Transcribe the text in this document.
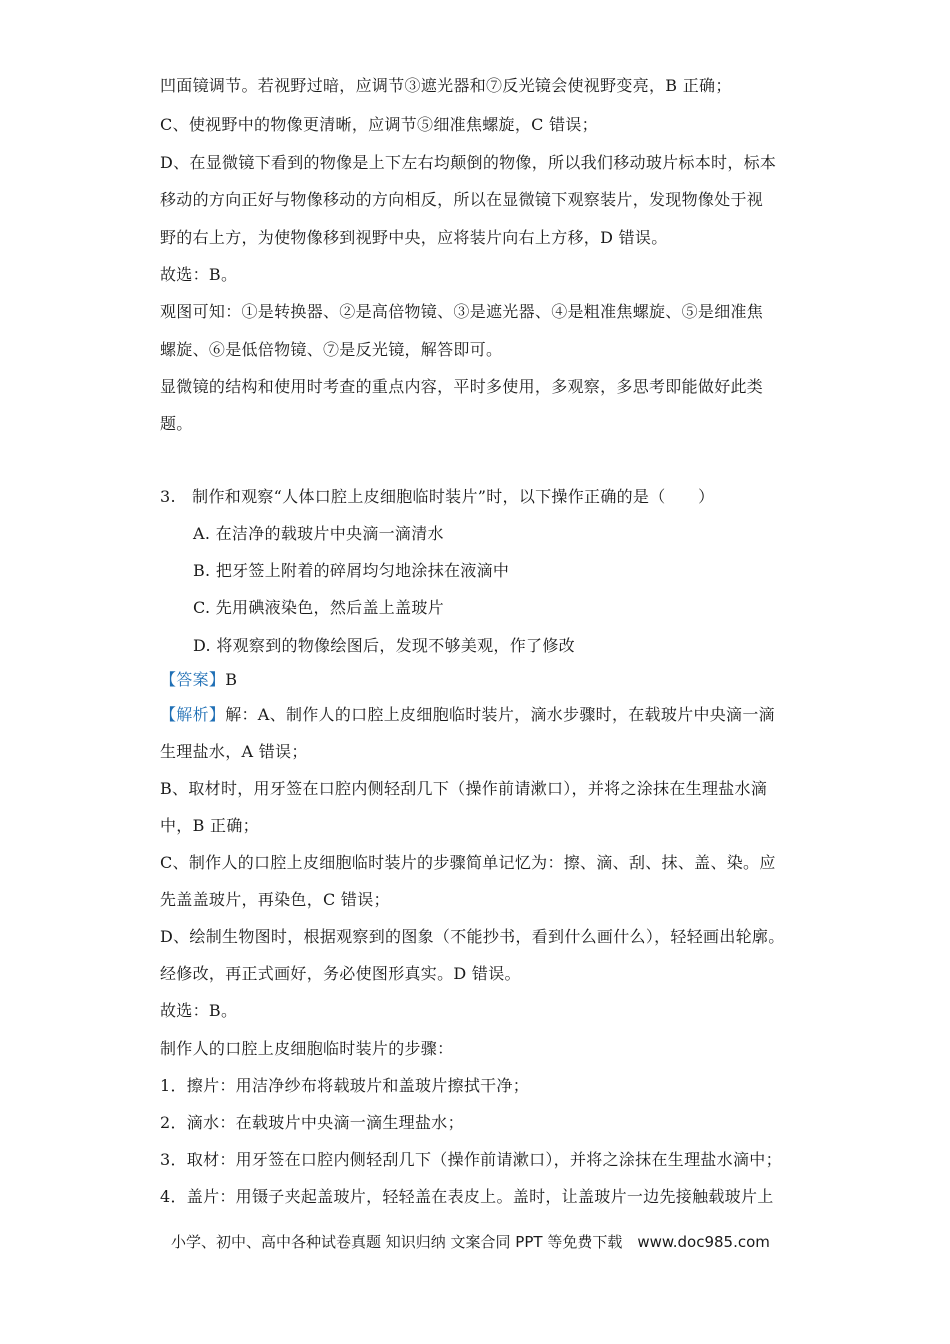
凹面镜调节。若视野过暗，应调节③遮光器和⑦反光镜会使视野变亮，B 正确；
C、使视野中的物像更清晰，应调节⑤细准焦螺旋，C 错误；
D、在显微镜下看到的物像是上下左右均颠倒的物像，所以我们移动玻片标本时，标本
移动的方向正好与物像移动的方向相反，所以在显微镜下观察装片，发现物像处于视
野的右上方，为使物像移到视野中央，应将装片向右上方移，D 错误。
故选：B。
观图可知：①是转换器、②是高倍物镜、③是遮光器、④是粗准焦螺旋、⑤是细准焦
螺旋、⑥是低倍物镜、⑦是反光镜，解答即可。
显微镜的结构和使用时考查的重点内容，平时多使用，多观察，多思考即能做好此类
题。
3.　制作和观察“人体口腔上皮细胞临时装片”时，以下操作正确的是（　　）
A. 在洁净的载玻片中央滴一滴清水
B. 把牙签上附着的碎屑均匀地涂抹在液滴中
C. 先用碘液染色，然后盖上盖玻片
D. 将观察到的物像绘图后，发现不够美观，作了修改
【答案】B
【解析】解：A、制作人的口腔上皮细胞临时装片，滴水步骤时，在载玻片中央滴一滴
生理盐水，A 错误；
B、取材时，用牙签在口腔内侧轻刮几下（操作前请漱口），并将之涂抹在生理盐水滴
中，B 正确；
C、制作人的口腔上皮细胞临时装片的步骤简单记忆为：擦、滴、刮、抹、盖、染。应
先盖盖玻片，再染色，C 错误；
D、绘制生物图时，根据观察到的图象（不能抄书，看到什么画什么），轻轻画出轮廓。
经修改，再正式画好，务必使图形真实。D 错误。
故选：B。
制作人的口腔上皮细胞临时装片的步骤：
1．擦片：用洁净纱布将载玻片和盖玻片擦拭干净；
2．滴水：在载玻片中央滴一滴生理盐水；
3．取材：用牙签在口腔内侧轻刮几下（操作前请漱口），并将之涂抹在生理盐水滴中；
4．盖片：用镊子夹起盖玻片，轻轻盖在表皮上。盖时，让盖玻片一边先接触载玻片上
小学、初中、高中各种试卷真题 知识归纳 文案合同 PPT 等免费下载　www.doc985.com
